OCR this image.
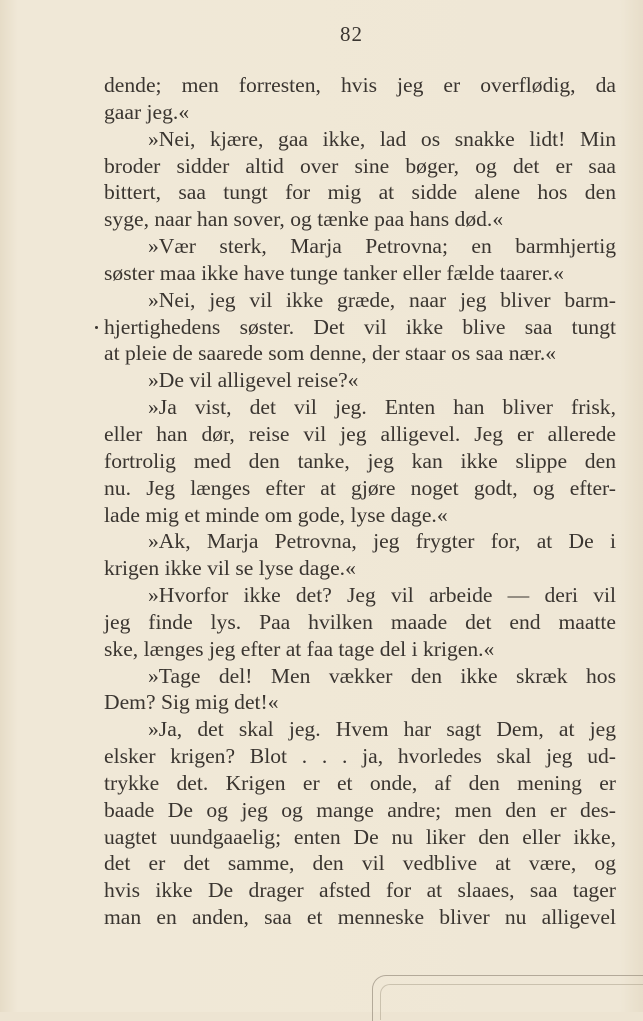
82
dende; men forresten, hvis jeg er overflødig, da
gaar jeg.«
»Nei, kjære, gaa ikke, lad os snakke lidt! Min
broder sidder altid over sine bøger, og det er saa
bittert, saa tungt for mig at sidde alene hos den
syge, naar han sover, og tænke paa hans død.«
»Vær sterk, Marja Petrovna; en barmhjertig
søster maa ikke have tunge tanker eller fælde taarer.«
»Nei, jeg vil ikke græde, naar jeg bliver barm-
hjertighedens søster. Det vil ikke blive saa tungt
at pleie de saarede som denne, der staar os saa nær.«
»De vil alligevel reise?«
»Ja vist, det vil jeg. Enten han bliver frisk,
eller han dør, reise vil jeg alligevel. Jeg er allerede
fortrolig med den tanke, jeg kan ikke slippe den
nu. Jeg længes efter at gjøre noget godt, og efter-
lade mig et minde om gode, lyse dage.«
»Ak, Marja Petrovna, jeg frygter for, at De i
krigen ikke vil se lyse dage.«
»Hvorfor ikke det? Jeg vil arbeide — deri vil
jeg finde lys. Paa hvilken maade det end maatte
ske, længes jeg efter at faa tage del i krigen.«
»Tage del! Men vækker den ikke skræk hos
Dem? Sig mig det!«
»Ja, det skal jeg. Hvem har sagt Dem, at jeg
elsker krigen? Blot . . . ja, hvorledes skal jeg ud-
trykke det. Krigen er et onde, af den mening er
baade De og jeg og mange andre; men den er des-
uagtet uundgaaelig; enten De nu liker den eller ikke,
det er det samme, den vil vedblive at være, og
hvis ikke De drager afsted for at slaaes, saa tager
man en anden, saa et menneske bliver nu alligevel
